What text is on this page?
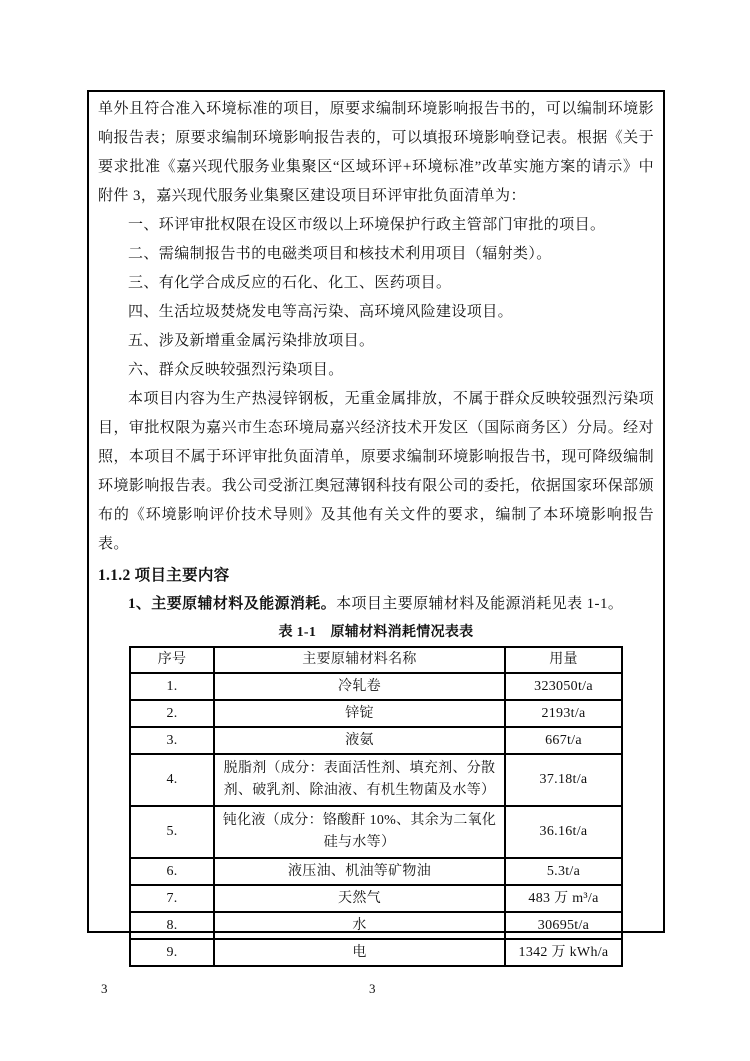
单外且符合准入环境标准的项目，原要求编制环境影响报告书的，可以编制环境影响报告表；原要求编制环境影响报告表的，可以填报环境影响登记表。根据《关于要求批准《嘉兴现代服务业集聚区“区域环评+环境标准”改革实施方案的请示》中附件 3，嘉兴现代服务业集聚区建设项目环评审批负面清单为：

一、环评审批权限在设区市级以上环境保护行政主管部门审批的项目。

二、需编制报告书的电磁类项目和核技术利用项目（辐射类）。

三、有化学合成反应的石化、化工、医药项目。

四、生活垃圾焚烧发电等高污染、高环境风险建设项目。

五、涉及新增重金属污染排放项目。

六、群众反映较强烈污染项目。

本项目内容为生产热浸锌钢板，无重金属排放，不属于群众反映较强烈污染项目，审批权限为嘉兴市生态环境局嘉兴经济技术开发区（国际商务区）分局。经对照，本项目不属于环评审批负面清单，原要求编制环境影响报告书，现可降级编制环境影响报告表。我公司受浙江奥冠薄钢科技有限公司的委托，依据国家环保部颁布的《环境影响评价技术导则》及其他有关文件的要求，编制了本环境影响报告表。

1.1.2 项目主要内容

1、主要原辅材料及能源消耗。本项目主要原辅材料及能源消耗见表 1-1。

表 1-1　原辅材料消耗情况表表
序号	主要原辅材料名称	用量
1.	冷轧卷	323050t/a
2.	锌锭	2193t/a
3.	液氨	667t/a
4.	脱脂剂（成分：表面活性剂、填充剂、分散剂、破乳剂、除油液、有机生物菌及水等）	37.18t/a
5.	钝化液（成分：铬酸酐 10%、其余为二氧化硅与水等）	36.16t/a
6.	液压油、机油等矿物油	5.3t/a
7.	天然气	483 万 m³/a
8.	水	30695t/a
9.	电	1342 万 kWh/a
3	3
